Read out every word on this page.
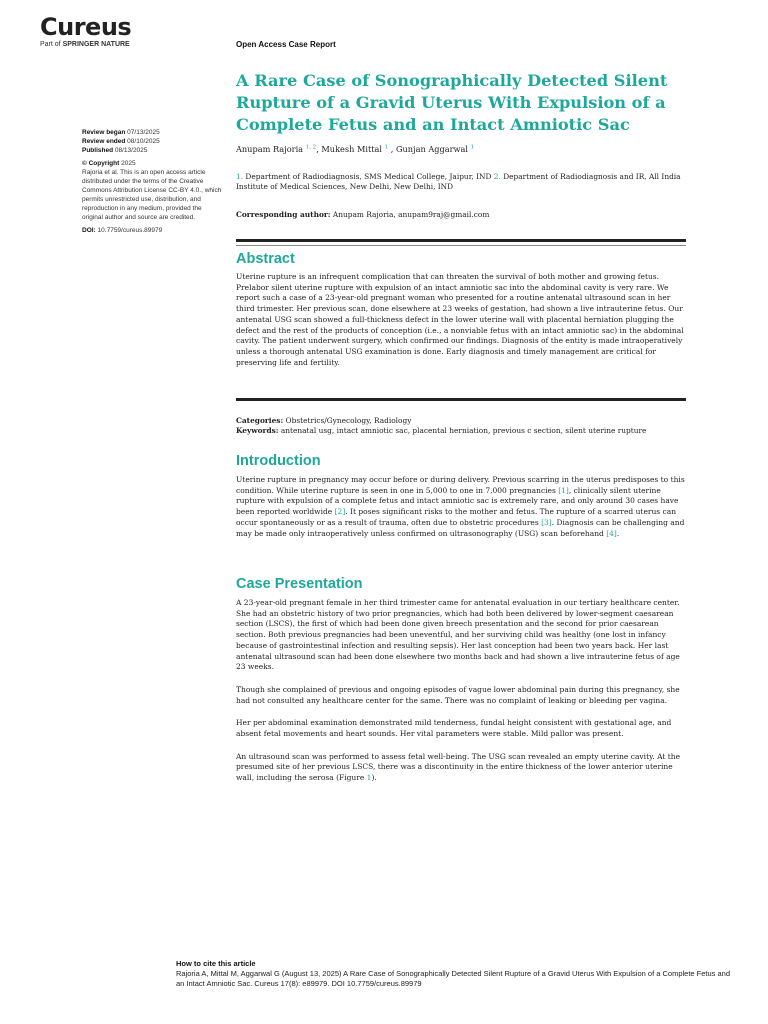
Cureus
Part of SPRINGER NATURE	Open Access Case Report
Review began 07/13/2025
Review ended 08/10/2025
Published 08/13/2025
© Copyright 2025
Rajoria et al. This is an open access article distributed under the terms of the Creative Commons Attribution License CC-BY 4.0., which permits unrestricted use, distribution, and reproduction in any medium, provided the original author and source are credited.
DOI: 10.7759/cureus.89979
A Rare Case of Sonographically Detected Silent Rupture of a Gravid Uterus With Expulsion of a Complete Fetus and an Intact Amniotic Sac
Anupam Rajoria $^{1, 2}$, Mukesh Mittal $^1$ , Gunjan Aggarwal $^1$
1. Department of Radiodiagnosis, SMS Medical College, Jaipur, IND 2. Department of Radiodiagnosis and IR, All India Institute of Medical Sciences, New Delhi, New Delhi, IND
Corresponding author: Anupam Rajoria, anupam9raj@gmail.com
Abstract
Uterine rupture is an infrequent complication that can threaten the survival of both mother and growing fetus. Prelabor silent uterine rupture with expulsion of an intact amniotic sac into the abdominal cavity is very rare. We report such a case of a 23-year-old pregnant woman who presented for a routine antenatal ultrasound scan in her third trimester. Her previous scan, done elsewhere at 23 weeks of gestation, had shown a live intrauterine fetus. Our antenatal USG scan showed a full-thickness defect in the lower uterine wall with placental herniation plugging the defect and the rest of the products of conception (i.e., a nonviable fetus with an intact amniotic sac) in the abdominal cavity. The patient underwent surgery, which confirmed our findings. Diagnosis of the entity is made intraoperatively unless a thorough antenatal USG examination is done. Early diagnosis and timely management are critical for preserving life and fertility.
Categories: Obstetrics/Gynecology, Radiology
Keywords: antenatal usg, intact amniotic sac, placental herniation, previous c section, silent uterine rupture
Introduction
Uterine rupture in pregnancy may occur before or during delivery. Previous scarring in the uterus predisposes to this condition. While uterine rupture is seen in one in 5,000 to one in 7,000 pregnancies [1], clinically silent uterine rupture with expulsion of a complete fetus and intact amniotic sac is extremely rare, and only around 30 cases have been reported worldwide [2]. It poses significant risks to the mother and fetus. The rupture of a scarred uterus can occur spontaneously or as a result of trauma, often due to obstetric procedures [3]. Diagnosis can be challenging and may be made only intraoperatively unless confirmed on ultrasonography (USG) scan beforehand [4].
Case Presentation

A 23-year-old pregnant female in her third trimester came for antenatal evaluation in our tertiary healthcare center. She had an obstetric history of two prior pregnancies, which had both been delivered by lower-segment caesarean section (LSCS), the first of which had been done given breech presentation and the second for prior caesarean section. Both previous pregnancies had been uneventful, and her surviving child was healthy (one lost in infancy because of gastrointestinal infection and resulting sepsis). Her last conception had been two years back. Her last antenatal ultrasound scan had been done elsewhere two months back and had shown a live intrauterine fetus of age 23 weeks.

Though she complained of previous and ongoing episodes of vague lower abdominal pain during this pregnancy, she had not consulted any healthcare center for the same. There was no complaint of leaking or bleeding per vagina.

Her per abdominal examination demonstrated mild tenderness, fundal height consistent with gestational age, and absent fetal movements and heart sounds. Her vital parameters were stable. Mild pallor was present.

An ultrasound scan was performed to assess fetal well-being. The USG scan revealed an empty uterine cavity. At the presumed site of her previous LSCS, there was a discontinuity in the entire thickness of the lower anterior uterine wall, including the serosa (Figure 1).

How to cite this article
Rajoria A, Mittal M, Aggarwal G (August 13, 2025) A Rare Case of Sonographically Detected Silent Rupture of a Gravid Uterus With Expulsion of a Complete Fetus and an Intact Amniotic Sac. Cureus 17(8): e89979. DOI 10.7759/cureus.89979
